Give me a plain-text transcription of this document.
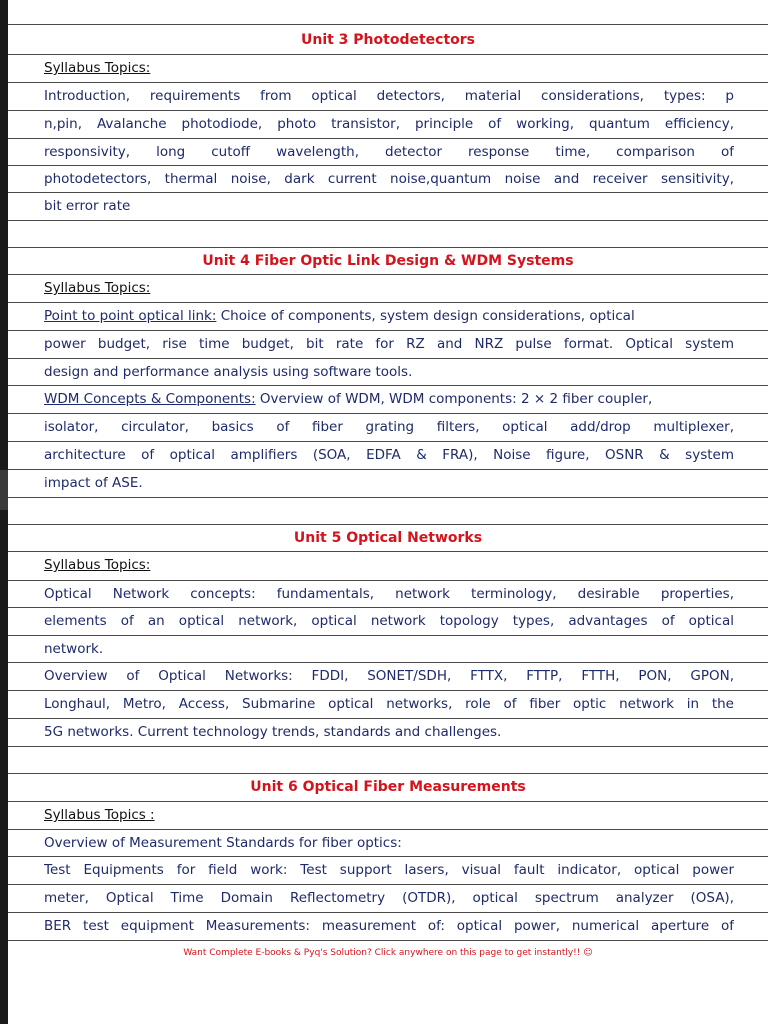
Unit 3 Photodetectors
Syllabus Topics:
Introduction, requirements from optical detectors, material considerations, types: p
n,pin, Avalanche photodiode, photo transistor, principle of working, quantum efficiency,
responsivity, long cutoff wavelength, detector response time, comparison of
photodetectors, thermal noise, dark current noise,quantum noise and receiver sensitivity,
bit error rate
Unit 4 Fiber Optic Link Design & WDM Systems
Syllabus Topics:
Point to point optical link: Choice of components, system design considerations, optical
power budget, rise time budget, bit rate for RZ and NRZ pulse format. Optical system
design and performance analysis using software tools.
WDM Concepts & Components: Overview of WDM, WDM components: 2 × 2 fiber coupler,
isolator, circulator, basics of fiber grating filters, optical add/drop multiplexer,
architecture of optical amplifiers (SOA, EDFA & FRA), Noise figure, OSNR & system
impact of ASE.
Unit 5 Optical Networks
Syllabus Topics:
Optical Network concepts: fundamentals, network terminology, desirable properties,
elements of an optical network, optical network topology types, advantages of optical
network.
Overview of Optical Networks: FDDI, SONET/SDH, FTTX, FTTP, FTTH, PON, GPON,
Longhaul, Metro, Access, Submarine optical networks, role of fiber optic network in the
5G networks. Current technology trends, standards and challenges.
Unit 6 Optical Fiber Measurements
Syllabus Topics :
Overview of Measurement Standards for fiber optics:
Test Equipments for field work: Test support lasers, visual fault indicator, optical power
meter, Optical Time Domain Reflectometry (OTDR), optical spectrum analyzer (OSA),
BER test equipment Measurements: measurement of: optical power, numerical aperture of
Want Complete E-books & Pyq's Solution? Click anywhere on this page to get instantly!! ☺
